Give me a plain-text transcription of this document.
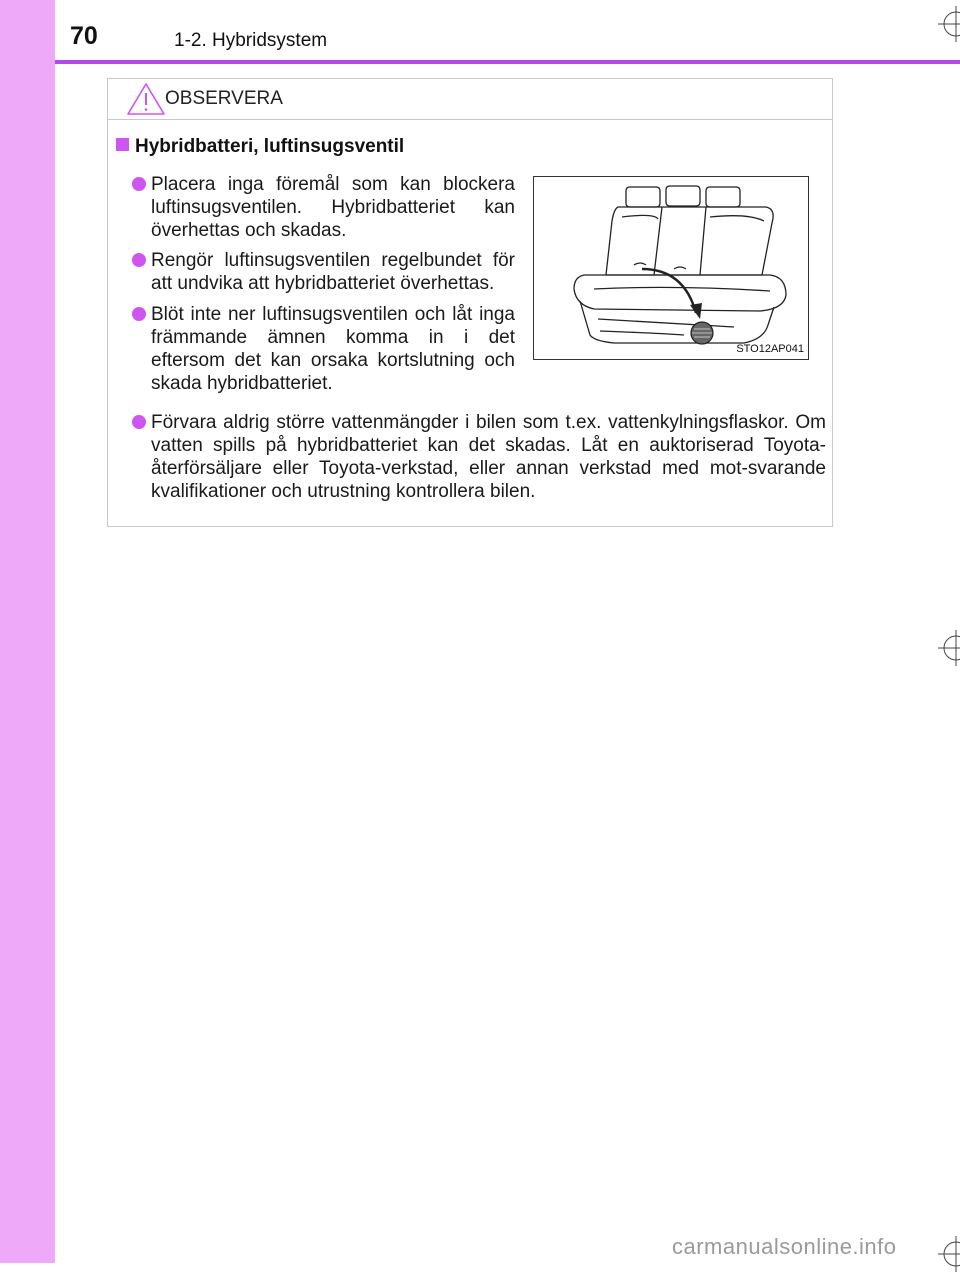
70	1-2. Hybridsystem
OBSERVERA
Hybridbatteri, luftinsugsventil
Placera inga föremål som kan blockera luftinsugsventilen. Hybridbatteriet kan överhettas och skadas.
Rengör luftinsugsventilen regelbundet för att undvika att hybridbatteriet överhettas.
Blöt inte ner luftinsugsventilen och låt inga främmande ämnen komma in i det eftersom det kan orsaka kortslutning och skada hybridbatteriet.
Förvara aldrig större vattenmängder i bilen som t.ex. vattenkylningsflaskor. Om vatten spills på hybridbatteriet kan det skadas. Låt en auktoriserad Toyota-återförsäljare eller Toyota-verkstad, eller annan verkstad med mot-svarande kvalifikationer och utrustning kontrollera bilen.
STO12AP041
carmanualsonline.info
